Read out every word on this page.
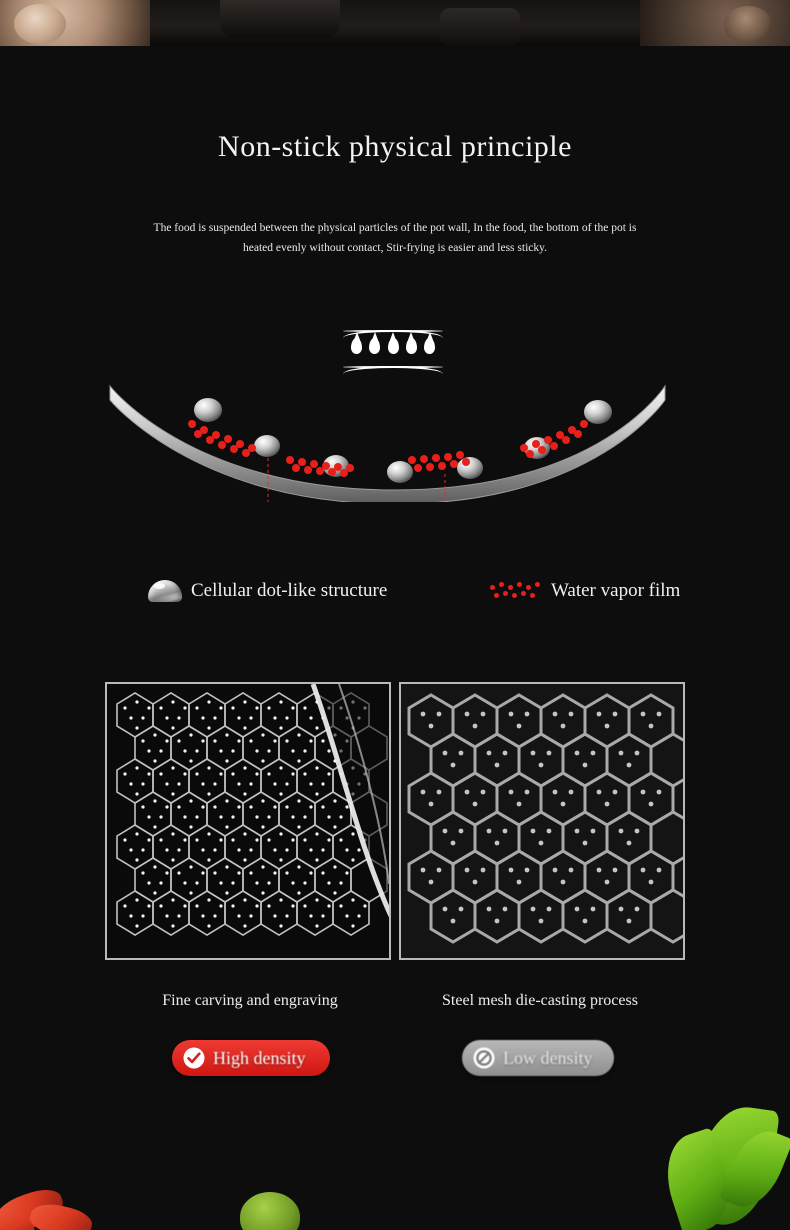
Non-stick physical principle
The food is suspended between the physical particles of the pot wall, In the food, the bottom of the pot is heated evenly without contact, Stir-frying is easier and less sticky.
Cellular dot-like structure	Water vapor film
Fine carving and engraving	Steel mesh die-casting process
High density	Low density
